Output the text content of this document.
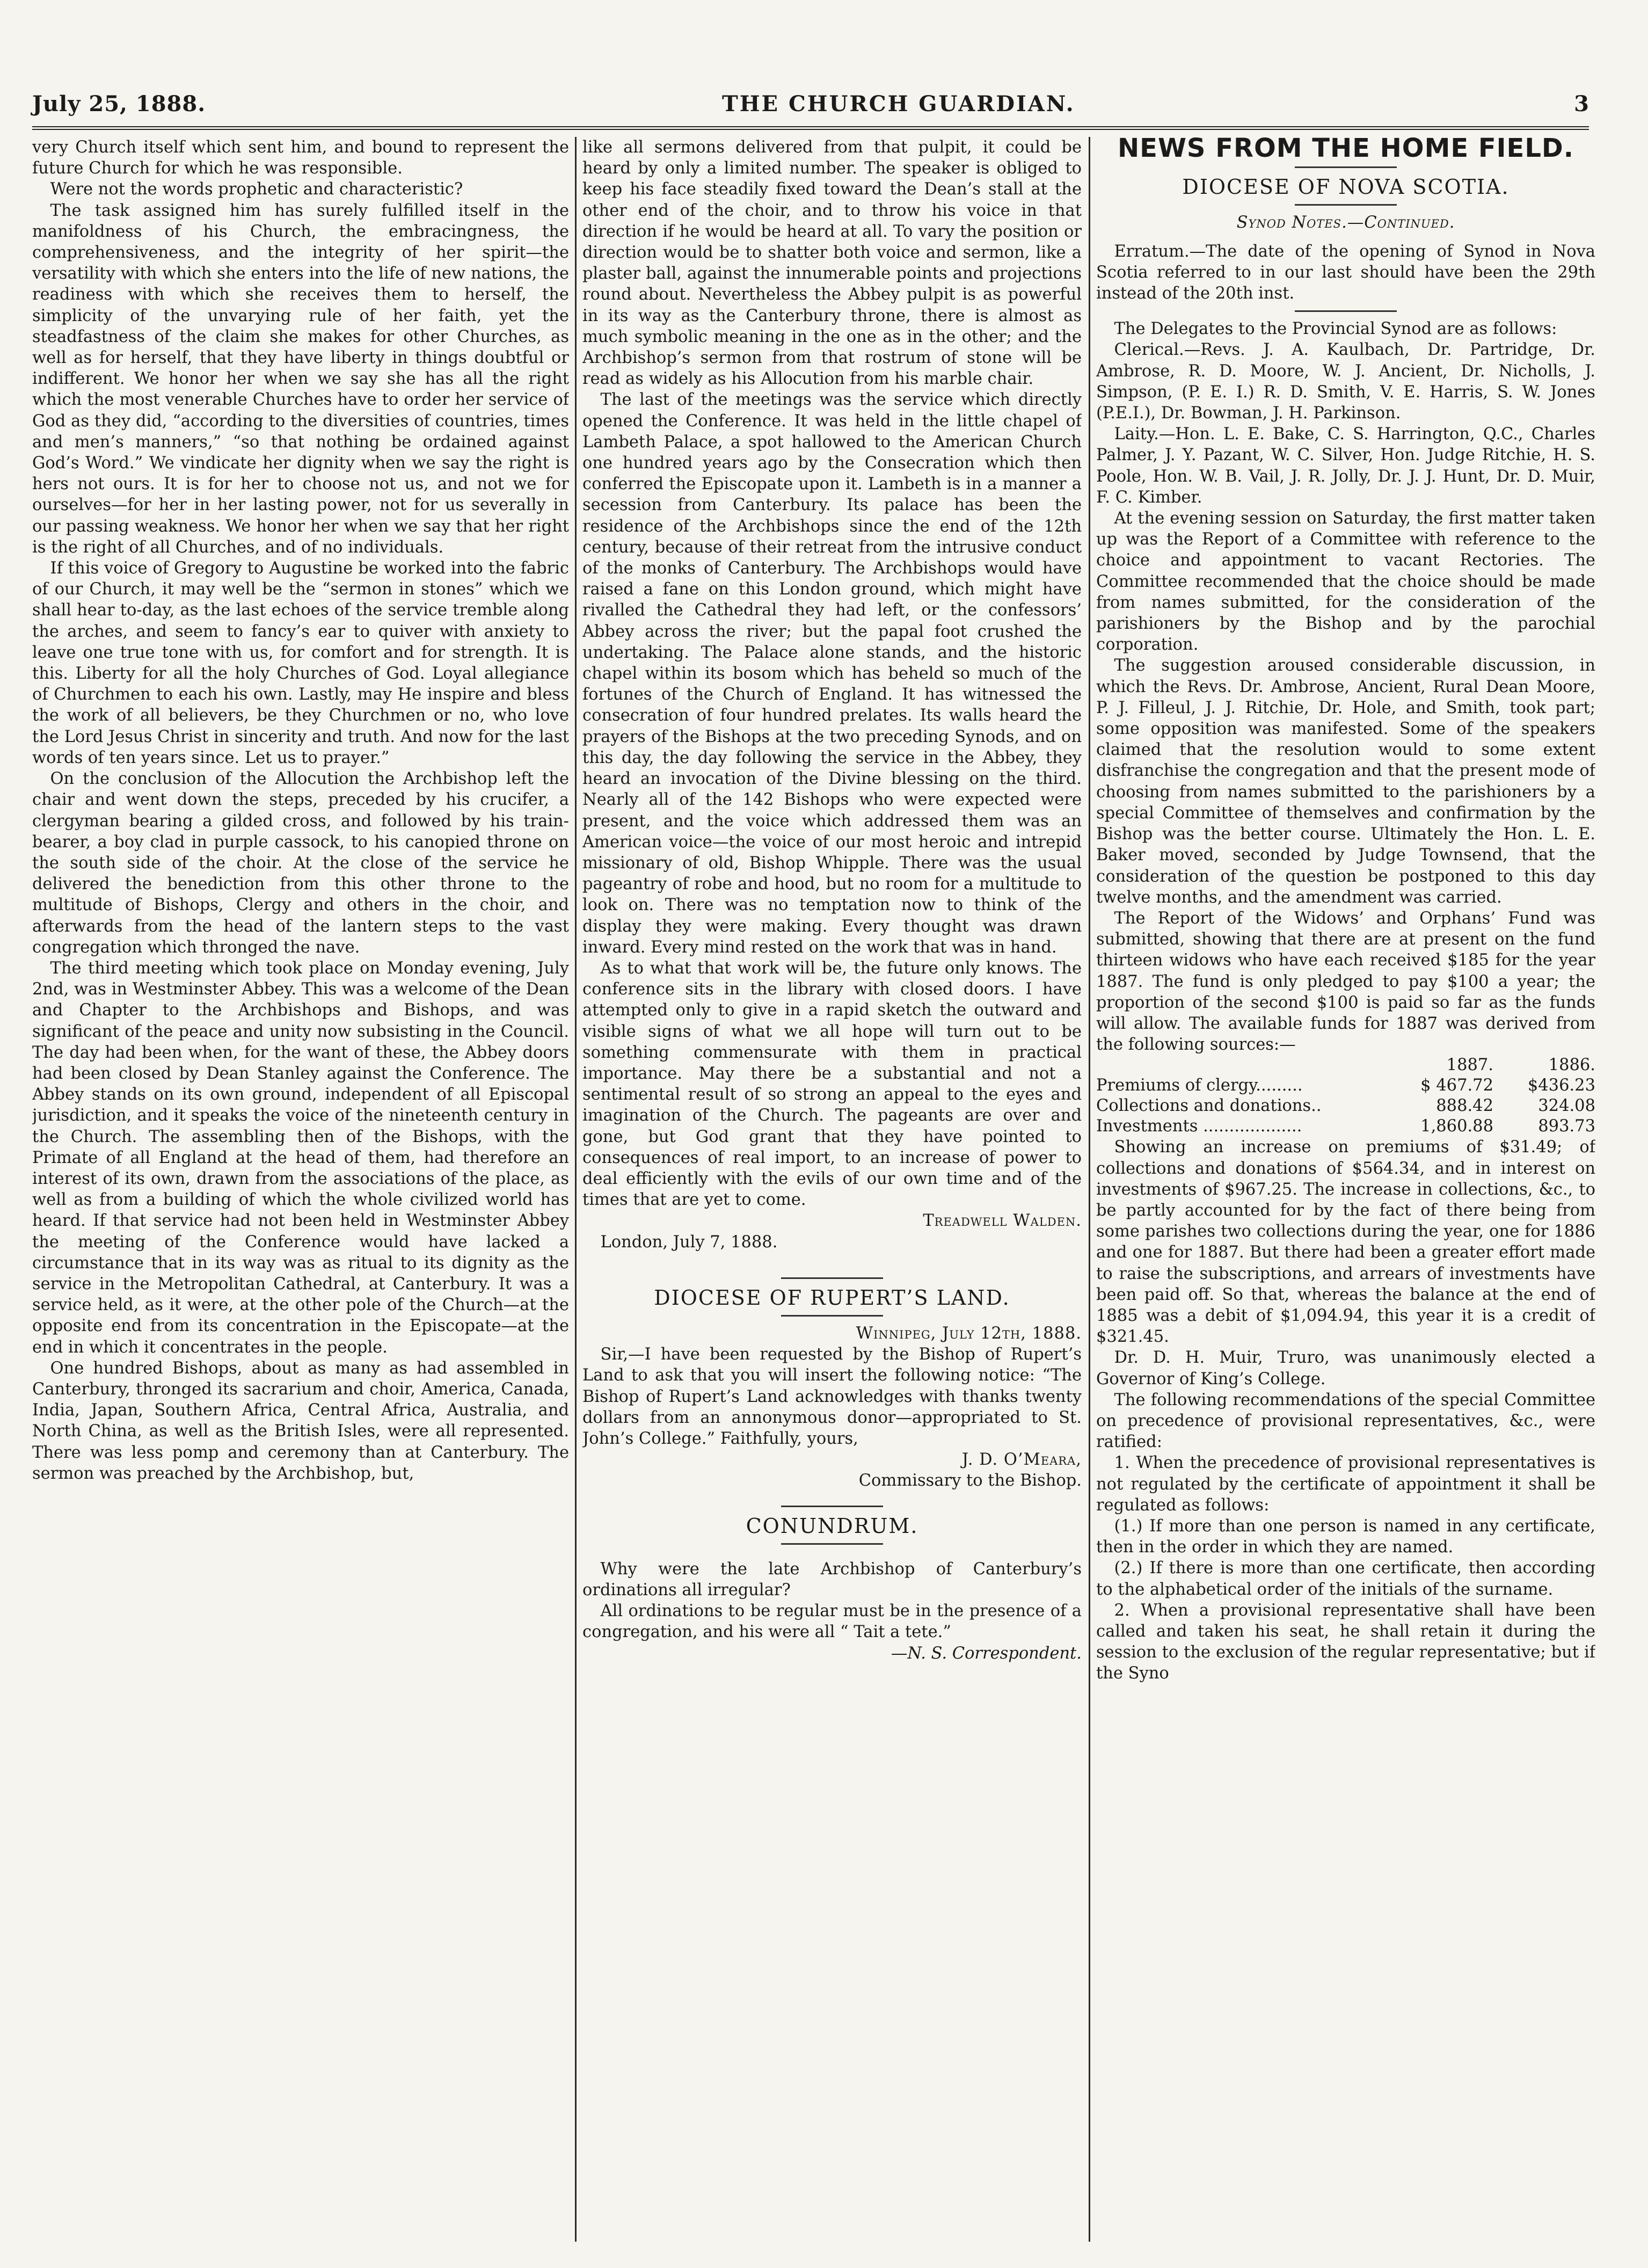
July 25, 1888.	THE CHURCH GUARDIAN.	3

very Church itself which sent him, and bound to represent the future Church for which he was responsible.

Were not the words prophetic and characteristic?

The task assigned him has surely fulfilled itself in the manifoldness of his Church, the embracingness, the comprehensiveness, and the integrity of her spirit—the versatility with which she enters into the life of new nations, the readiness with which she receives them to herself, the simplicity of the unvarying rule of her faith, yet the steadfastness of the claim she makes for other Churches, as well as for herself, that they have liberty in things doubtful or indifferent. We honor her when we say she has all the right which the most venerable Churches have to order her service of God as they did, “according to the diversities of countries, times and men’s manners,” “so that nothing be ordained against God’s Word.” We vindicate her dignity when we say the right is hers not ours. It is for her to choose not us, and not we for ourselves—for her in her lasting power, not for us severally in our passing weakness. We honor her when we say that her right is the right of all Churches, and of no individuals.

If this voice of Gregory to Augustine be worked into the fabric of our Church, it may well be the “sermon in stones” which we shall hear to-day, as the last echoes of the service tremble along the arches, and seem to fancy’s ear to quiver with anxiety to leave one true tone with us, for comfort and for strength. It is this. Liberty for all the holy Churches of God. Loyal allegiance of Churchmen to each his own. Lastly, may He inspire and bless the work of all believers, be they Churchmen or no, who love the Lord Jesus Christ in sincerity and truth. And now for the last words of ten years since. Let us to prayer.”

On the conclusion of the Allocution the Archbishop left the chair and went down the steps, preceded by his crucifer, a clergyman bearing a gilded cross, and followed by his train-bearer, a boy clad in purple cassock, to his canopied throne on the south side of the choir. At the close of the service he delivered the benediction from this other throne to the multitude of Bishops, Clergy and others in the choir, and afterwards from the head of the lantern steps to the vast congregation which thronged the nave.

The third meeting which took place on Monday evening, July 2nd, was in Westminster Abbey. This was a welcome of the Dean and Chapter to the Archbishops and Bishops, and was significant of the peace and unity now subsisting in the Council. The day had been when, for the want of these, the Abbey doors had been closed by Dean Stanley against the Conference. The Abbey stands on its own ground, independent of all Episcopal jurisdiction, and it speaks the voice of the nineteenth century in the Church. The assembling then of the Bishops, with the Primate of all England at the head of them, had therefore an interest of its own, drawn from the associations of the place, as well as from a building of which the whole civilized world has heard. If that service had not been held in Westminster Abbey the meeting of the Conference would have lacked a circumstance that in its way was as ritual to its dignity as the service in the Metropolitan Cathedral, at Canterbury. It was a service held, as it were, at the other pole of the Church—at the opposite end from its concentration in the Episcopate—at the end in which it concentrates in the people.

One hundred Bishops, about as many as had assembled in Canterbury, thronged its sacrarium and choir, America, Canada, India, Japan, Southern Africa, Central Africa, Australia, and North China, as well as the British Isles, were all represented. There was less pomp and ceremony than at Canterbury. The sermon was preached by the Archbishop, but,

like all sermons delivered from that pulpit, it could be heard by only a limited number. The speaker is obliged to keep his face steadily fixed toward the Dean’s stall at the other end of the choir, and to throw his voice in that direction if he would be heard at all. To vary the position or direction would be to shatter both voice and sermon, like a plaster ball, against the innumerable points and projections round about. Nevertheless the Abbey pulpit is as powerful in its way as the Canterbury throne, there is almost as much symbolic meaning in the one as in the other; and the Archbishop’s sermon from that rostrum of stone will be read as widely as his Allocution from his marble chair.

The last of the meetings was the service which directly opened the Conference. It was held in the little chapel of Lambeth Palace, a spot hallowed to the American Church one hundred years ago by the Consecration which then conferred the Episcopate upon it. Lambeth is in a manner a secession from Canterbury. Its palace has been the residence of the Archbishops since the end of the 12th century, because of their retreat from the intrusive conduct of the monks of Canterbury. The Archbishops would have raised a fane on this London ground, which might have rivalled the Cathedral they had left, or the confessors’ Abbey across the river; but the papal foot crushed the undertaking. The Palace alone stands, and the historic chapel within its bosom which has beheld so much of the fortunes of the Church of England. It has witnessed the consecration of four hundred prelates. Its walls heard the prayers of the Bishops at the two preceding Synods, and on this day, the day following the service in the Abbey, they heard an invocation of the Divine blessing on the third. Nearly all of the 142 Bishops who were expected were present, and the voice which addressed them was an American voice—the voice of our most heroic and intrepid missionary of old, Bishop Whipple. There was the usual pageantry of robe and hood, but no room for a multitude to look on. There was no temptation now to think of the display they were making. Every thought was drawn inward. Every mind rested on the work that was in hand.

As to what that work will be, the future only knows. The conference sits in the library with closed doors. I have attempted only to give in a rapid sketch the outward and visible signs of what we all hope will turn out to be something commensurate with them in practical importance. May there be a substantial and not a sentimental result of so strong an appeal to the eyes and imagination of the Church. The pageants are over and gone, but God grant that they have pointed to consequences of real import, to an increase of power to deal efficiently with the evils of our own time and of the times that are yet to come.

Treadwell Walden.

London, July 7, 1888.

DIOCESE OF RUPERT’S LAND.

Winnipeg, July 12th, 1888.

Sir,—I have been requested by the Bishop of Rupert’s Land to ask that you will insert the following notice: “The Bishop of Rupert’s Land acknowledges with thanks twenty dollars from an annonymous donor—appropriated to St. John’s College.” Faithfully, yours,

J. D. O’Meara,

Commissary to the Bishop.

CONUNDRUM.

Why were the late Archbishop of Canterbury’s ordinations all irregular?

All ordinations to be regular must be in the presence of a congregation, and his were all “ Tait a tete.”

—N. S. Correspondent.

NEWS FROM THE HOME FIELD.
DIOCESE OF NOVA SCOTIA.

Synod Notes.—Continued.

Erratum.—The date of the opening of Synod in Nova Scotia referred to in our last should have been the 29th instead of the 20th inst.

The Delegates to the Provincial Synod are as follows:

Clerical.—Revs. J. A. Kaulbach, Dr. Partridge, Dr. Ambrose, R. D. Moore, W. J. Ancient, Dr. Nicholls, J. Simpson, (P. E. I.) R. D. Smith, V. E. Harris, S. W. Jones (P.E.I.), Dr. Bowman, J. H. Parkinson.

Laity.—Hon. L. E. Bake, C. S. Harrington, Q.C., Charles Palmer, J. Y. Pazant, W. C. Silver, Hon. Judge Ritchie, H. S. Poole, Hon. W. B. Vail, J. R. Jolly, Dr. J. J. Hunt, Dr. D. Muir, F. C. Kimber.

At the evening session on Saturday, the first matter taken up was the Report of a Committee with reference to the choice and appointment to vacant Rectories. The Committee recommended that the choice should be made from names submitted, for the consideration of the parishioners by the Bishop and by the parochial corporation.

The suggestion aroused considerable discussion, in which the Revs. Dr. Ambrose, Ancient, Rural Dean Moore, P. J. Filleul, J. J. Ritchie, Dr. Hole, and Smith, took part; some opposition was manifested. Some of the speakers claimed that the resolution would to some extent disfranchise the congregation and that the present mode of choosing from names submitted to the parishioners by a special Committee of themselves and confirmation by the Bishop was the better course. Ultimately the Hon. L. E. Baker moved, seconded by Judge Townsend, that the consideration of the question be postponed to this day twelve months, and the amendment was carried.

The Report of the Widows’ and Orphans’ Fund was submitted, showing that there are at present on the fund thirteen widows who have each received $185 for the year 1887. The fund is only pledged to pay $100 a year; the proportion of the second $100 is paid so far as the funds will allow. The available funds for 1887 was derived from the following sources:—

	1887.	1886.
Premiums of clergy.........	$ 467.72	$436.23
Collections and donations..	888.42	324.08
Investments ...................	1,860.88	893.73

Showing an increase on premiums of $31.49; of collections and donations of $564.34, and in interest on investments of $967.25. The increase in collections, &c., to be partly accounted for by the fact of there being from some parishes two collections during the year, one for 1886 and one for 1887. But there had been a greater effort made to raise the subscriptions, and arrears of investments have been paid off. So that, whereas the balance at the end of 1885 was a debit of $1,094.94, this year it is a credit of $321.45.

Dr. D. H. Muir, Truro, was unanimously elected a Governor of King’s College.

The following recommendations of the special Committee on precedence of provisional representatives, &c., were ratified:

1. When the precedence of provisional representatives is not regulated by the certificate of appointment it shall be regulated as follows:

(1.) If more than one person is named in any certificate, then in the order in which they are named.

(2.) If there is more than one certificate, then according to the alphabetical order of the initials of the surname.

2. When a provisional representative shall have been called and taken his seat, he shall retain it during the session to the exclusion of the regular representative; but if the Syno
